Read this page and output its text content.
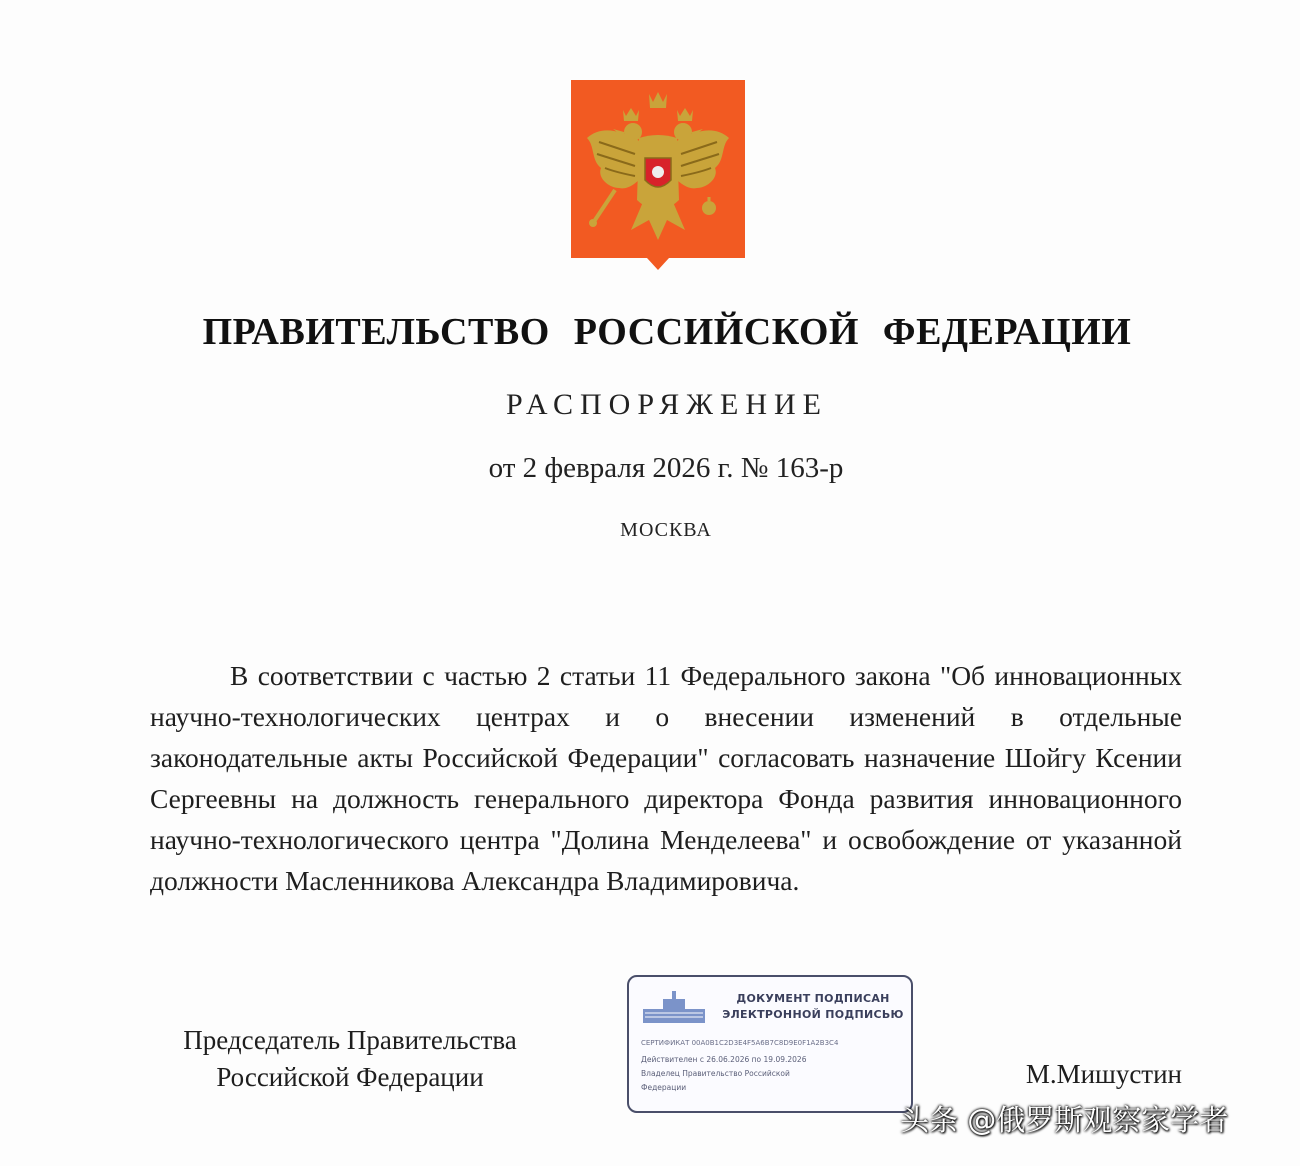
ПРАВИТЕЛЬСТВО РОССИЙСКОЙ ФЕДЕРАЦИИ
РАСПОРЯЖЕНИЕ
от 2 февраля 2026 г. № 163-р
МОСКВА
В соответствии с частью 2 статьи 11 Федерального закона "Об инновационных научно-технологических центрах и о внесении изменений в отдельные законодательные акты Российской Федерации" согласовать назначение Шойгу Ксении Сергеевны на должность генерального директора Фонда развития инновационного научно-технологического центра "Долина Менделеева" и освобождение от указанной должности Масленникова Александра Владимировича.
Председатель Правительства
Российской Федерации
ДОКУМЕНТ ПОДПИСАН
ЭЛЕКТРОННОЙ ПОДПИСЬЮ
СЕРТИФИКАТ 00A0B1C2D3E4F5A6B7C8D9E0F1A2B3C4
Действителен с 26.06.2026 по 19.09.2026
Владелец Правительство Российской
Федерации	М.Мишустин
头条 @俄罗斯观察家学者
